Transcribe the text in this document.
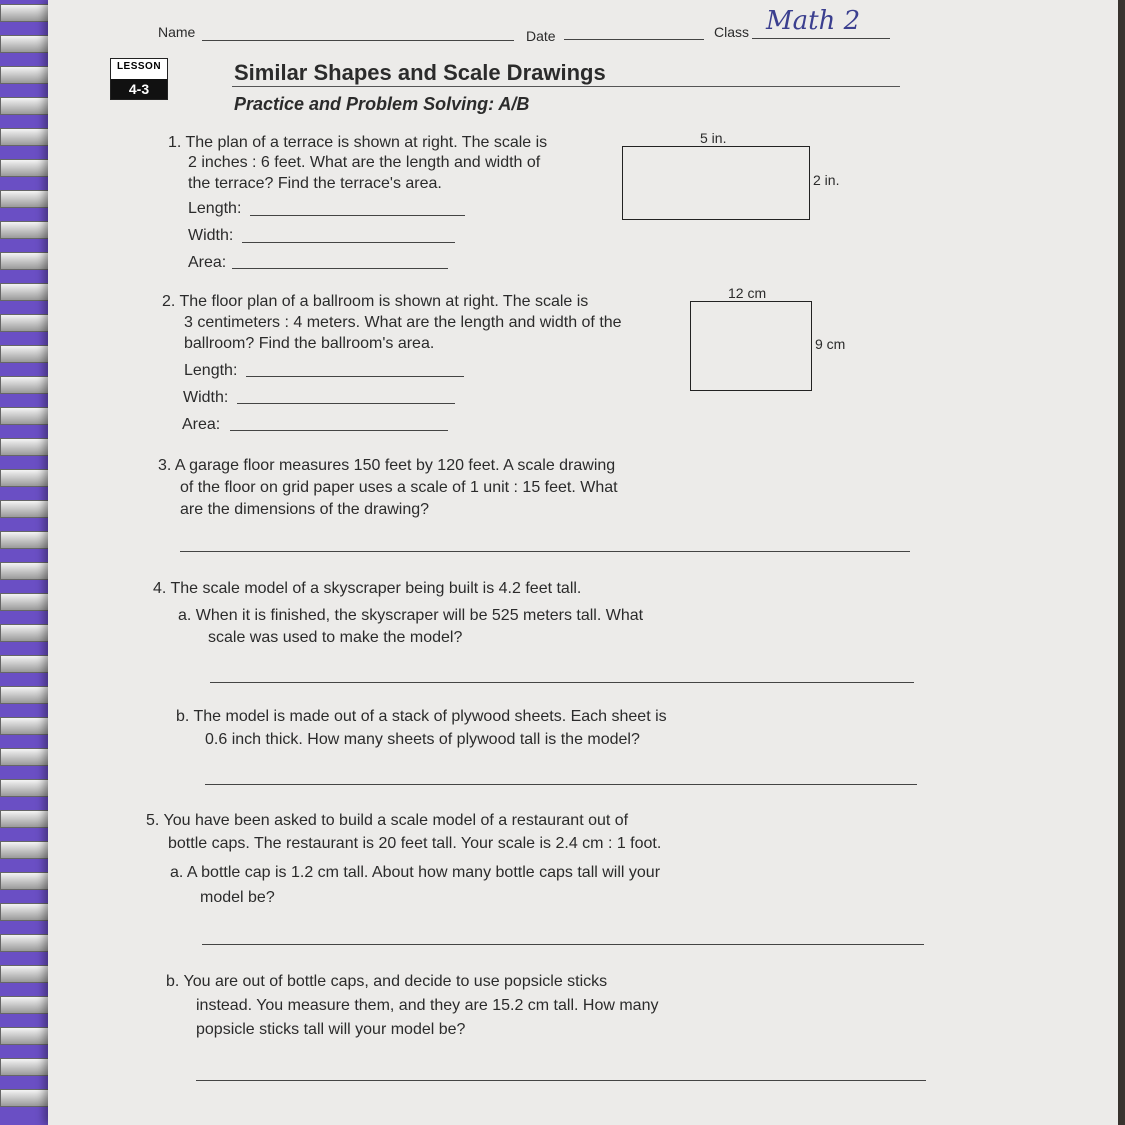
Name	Date	Class Math 2
LESSON
4-3
Similar Shapes and Scale Drawings
Practice and Problem Solving: A/B
1. The plan of a terrace is shown at right. The scale is
2 inches : 6 feet. What are the length and width of
the terrace? Find the terrace's area.
Length:
Width:
Area:
5 in.
2 in.
2. The floor plan of a ballroom is shown at right. The scale is
3 centimeters : 4 meters. What are the length and width of the
ballroom? Find the ballroom's area.
Length:
Width:
Area:
12 cm
9 cm
3. A garage floor measures 150 feet by 120 feet. A scale drawing
of the floor on grid paper uses a scale of 1 unit : 15 feet. What
are the dimensions of the drawing?
4. The scale model of a skyscraper being built is 4.2 feet tall.
a. When it is finished, the skyscraper will be 525 meters tall. What
scale was used to make the model?
b. The model is made out of a stack of plywood sheets. Each sheet is
0.6 inch thick. How many sheets of plywood tall is the model?
5. You have been asked to build a scale model of a restaurant out of
bottle caps. The restaurant is 20 feet tall. Your scale is 2.4 cm : 1 foot.
a. A bottle cap is 1.2 cm tall. About how many bottle caps tall will your
model be?
b. You are out of bottle caps, and decide to use popsicle sticks
instead. You measure them, and they are 15.2 cm tall. How many
popsicle sticks tall will your model be?
